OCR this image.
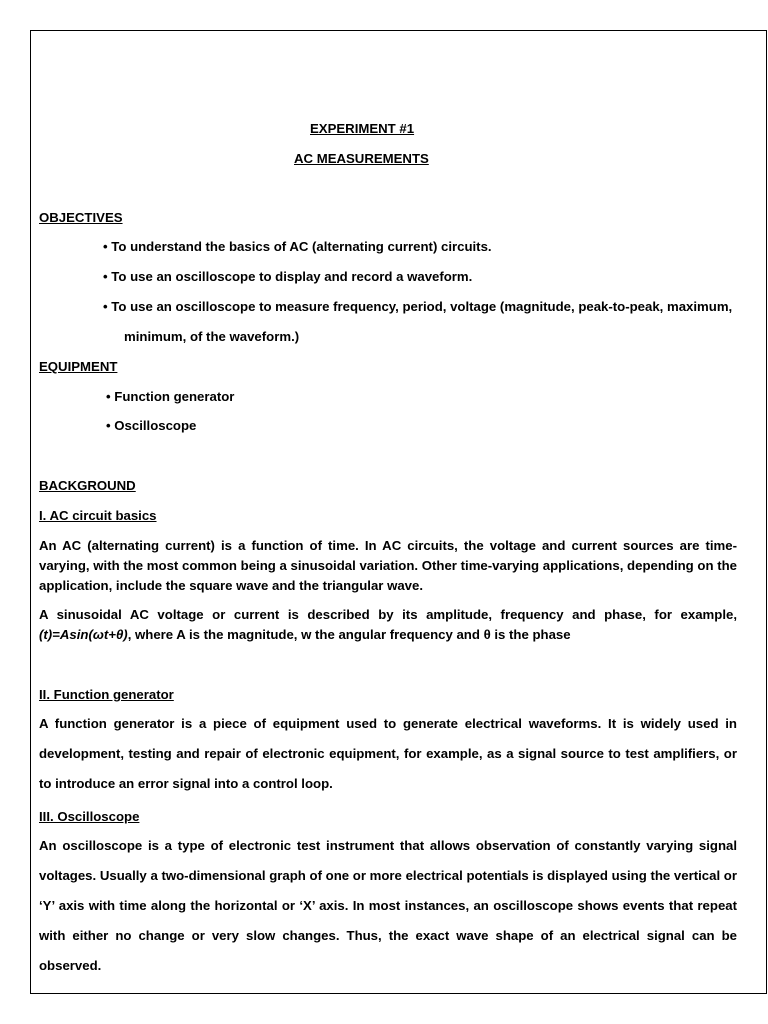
EXPERIMENT #1
AC MEASUREMENTS
OBJECTIVES
• To understand the basics of AC (alternating current) circuits.
• To use an oscilloscope to display and record a waveform.
• To use an oscilloscope to measure frequency, period, voltage (magnitude, peak-to-peak, maximum,
minimum, of the waveform.)
EQUIPMENT
• Function generator
• Oscilloscope
BACKGROUND
I. AC circuit basics
An AC (alternating current) is a function of time. In AC circuits, the voltage and current sources are time-varying, with the most common being a sinusoidal variation. Other time-varying applications, depending on the application, include the square wave and the triangular wave.
A sinusoidal AC voltage or current is described by its amplitude, frequency and phase, for example, (t)=Asin(ωt+θ), where A is the magnitude, w the angular frequency and θ is the phase
II. Function generator
A function generator is a piece of equipment used to generate electrical waveforms. It is widely used in development, testing and repair of electronic equipment, for example, as a signal source to test amplifiers, or to introduce an error signal into a control loop.
III. Oscilloscope
An oscilloscope is a type of electronic test instrument that allows observation of constantly varying signal voltages. Usually a two-dimensional graph of one or more electrical potentials is displayed using the vertical or ‘Y’ axis with time along the horizontal or ‘X’ axis. In most instances, an oscilloscope shows events that repeat with either no change or very slow changes. Thus, the exact wave shape of an electrical signal can be observed.
